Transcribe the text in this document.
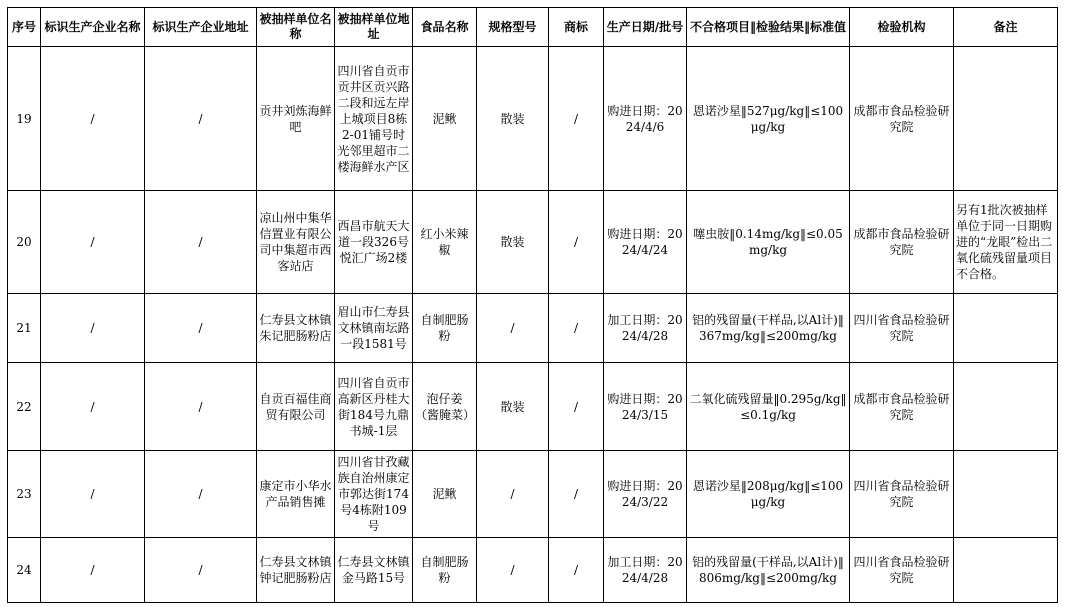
序号	标识生产企业名称	标识生产企业地址	被抽样单位名称	被抽样单位地址	食品名称	规格型号	商标	生产日期/批号	不合格项目‖检验结果‖标准值	检验机构	备注
19	/	/	贡井刘炼海鲜吧	四川省自贡市贡井区贡兴路二段和远左岸上城项目8栋2-01铺号时光邻里超市二楼海鲜水产区	泥鳅	散装	/	购进日期：2024/4/6	恩诺沙星‖527μg/kg‖≤100μg/kg	成都市食品检验研究院	
20	/	/	凉山州中集华信置业有限公司中集超市西客站店	西昌市航天大道一段326号悦汇广场2楼	红小米辣椒	散装	/	购进日期：2024/4/24	噻虫胺‖0.14mg/kg‖≤0.05mg/kg	成都市食品检验研究院	另有1批次被抽样单位于同一日期购进的“龙眼”检出二氧化硫残留量项目不合格。
21	/	/	仁寿县文林镇朱记肥肠粉店	眉山市仁寿县文林镇南坛路一段1581号	自制肥肠粉	/	/	加工日期：2024/4/28	铝的残留量(干样品,以Al计)‖367mg/kg‖≤200mg/kg	四川省食品检验研究院	
22	/	/	自贡百福佳商贸有限公司	四川省自贡市高新区丹桂大街184号九鼎书城-1层	泡仔姜（酱腌菜）	散装	/	购进日期：2024/3/15	二氧化硫残留量‖0.295g/kg‖≤0.1g/kg	成都市食品检验研究院	
23	/	/	康定市小华水产品销售摊	四川省甘孜藏族自治州康定市郭达街174号4栋附109号	泥鳅	/	/	购进日期：2024/3/22	恩诺沙星‖208μg/kg‖≤100μg/kg	四川省食品检验研究院	
24	/	/	仁寿县文林镇钟记肥肠粉店	仁寿县文林镇金马路15号	自制肥肠粉	/	/	加工日期：2024/4/28	铝的残留量(干样品,以Al计)‖806mg/kg‖≤200mg/kg	四川省食品检验研究院	
